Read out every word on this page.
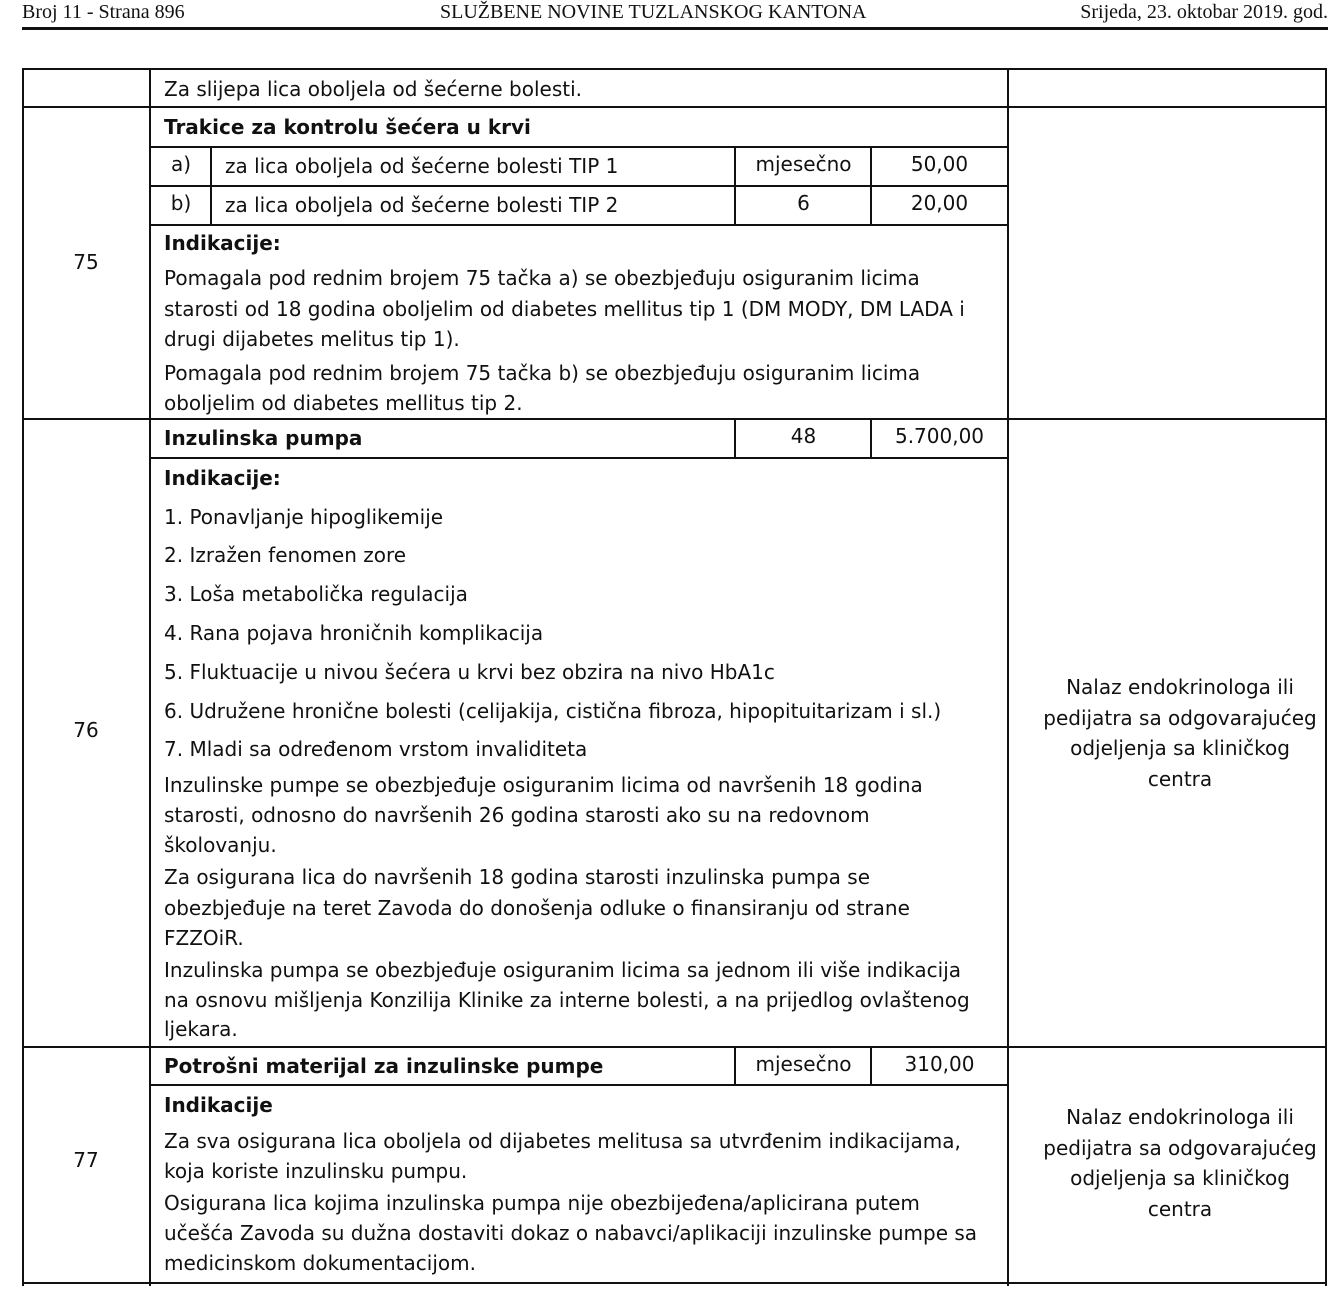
Broj 11 - Strana 896	SLUŽBENE NOVINE TUZLANSKOG KANTONA	Srijeda, 23. oktobar 2019. god.
Za slijepa lica oboljela od šećerne bolesti.
75
Trakice za kontrolu šećera u krvi
a)	za lica oboljela od šećerne bolesti TIP 1	mjesečno	50,00
b)	za lica oboljela od šećerne bolesti TIP 2	6	20,00
Indikacije:
Pomagala pod rednim brojem 75 tačka a) se obezbjeđuju osiguranim licima
starosti od 18 godina oboljelim od diabetes mellitus tip 1 (DM MODY, DM LADA i
drugi dijabetes melitus tip 1).
Pomagala pod rednim brojem 75 tačka b) se obezbjeđuju osiguranim licima
oboljelim od diabetes mellitus tip 2.
76
Inzulinska pumpa	48	5.700,00
Indikacije:
1. Ponavljanje hipoglikemije
2. Izražen fenomen zore
3. Loša metabolička regulacija
4. Rana pojava hroničnih komplikacija
5. Fluktuacije u nivou šećera u krvi bez obzira na nivo HbA1c
6. Udružene hronične bolesti (celijakija, cistična fibroza, hipopituitarizam i sl.)
7. Mladi sa određenom vrstom invaliditeta
Inzulinske pumpe se obezbjeđuje osiguranim licima od navršenih 18 godina
starosti, odnosno do navršenih 26 godina starosti ako su na redovnom
školovanju.
Za osigurana lica do navršenih 18 godina starosti inzulinska pumpa se
obezbjeđuje na teret Zavoda do donošenja odluke o finansiranju od strane
FZZOiR.
Inzulinska pumpa se obezbjeđuje osiguranim licima sa jednom ili više indikacija
na osnovu mišljenja Konzilija Klinike za interne bolesti, a na prijedlog ovlaštenog
ljekara.
Nalaz endokrinologa ili
pedijatra sa odgovarajućeg
odjeljenja sa kliničkog
centra
77
Potrošni materijal za inzulinske pumpe	mjesečno	310,00
Indikacije
Za sva osigurana lica oboljela od dijabetes melitusa sa utvrđenim indikacijama,
koja koriste inzulinsku pumpu.
Osigurana lica kojima inzulinska pumpa nije obezbijeđena/aplicirana putem
učešća Zavoda su dužna dostaviti dokaz o nabavci/aplikaciji inzulinske pumpe sa
medicinskom dokumentacijom.
Nalaz endokrinologa ili
pedijatra sa odgovarajućeg
odjeljenja sa kliničkog
centra
